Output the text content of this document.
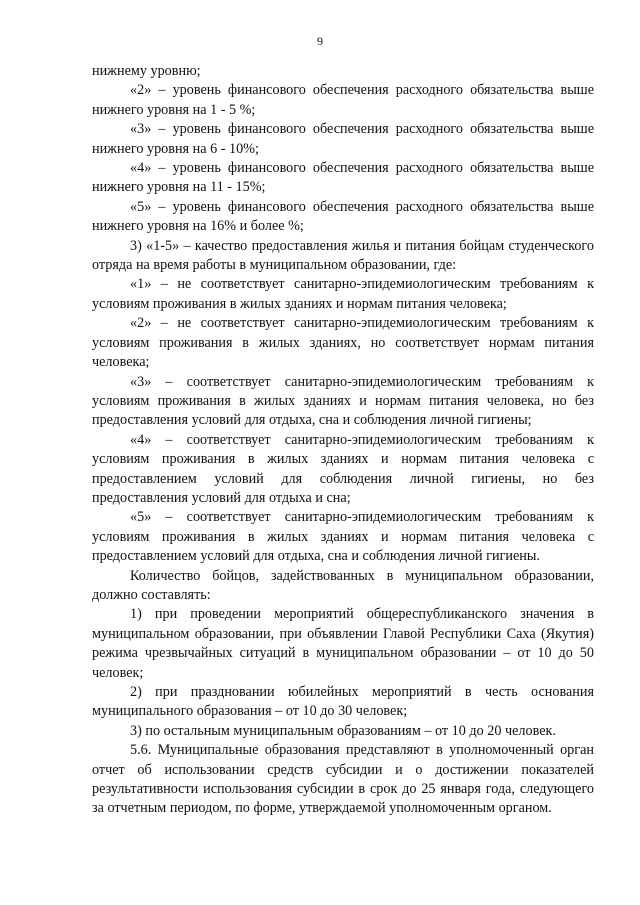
9

нижнему уровню;

«2» – уровень финансового обеспечения расходного обязательства выше нижнего уровня на 1 - 5 %;

«3» – уровень финансового обеспечения расходного обязательства выше нижнего уровня на 6 - 10%;

«4» – уровень финансового обеспечения расходного обязательства выше нижнего уровня на 11 - 15%;

«5» – уровень финансового обеспечения расходного обязательства выше нижнего уровня на 16% и более %;

3) «1-5» – качество предоставления жилья и питания бойцам студенческого отряда на время работы в муниципальном образовании, где:

«1» – не соответствует санитарно-эпидемиологическим требованиям к условиям проживания в жилых зданиях и нормам питания человека;

«2» – не соответствует санитарно-эпидемиологическим требованиям к условиям проживания в жилых зданиях, но соответствует нормам питания человека;

«3» – соответствует санитарно-эпидемиологическим требованиям к условиям проживания в жилых зданиях и нормам питания человека, но без предоставления условий для отдыха, сна и соблюдения личной гигиены;

«4» – соответствует санитарно-эпидемиологическим требованиям к условиям проживания в жилых зданиях и нормам питания человека с предоставлением условий для соблюдения личной гигиены, но без предоставления условий для отдыха и сна;

«5» – соответствует санитарно-эпидемиологическим требованиям к условиям проживания в жилых зданиях и нормам питания человека с предоставлением условий для отдыха, сна и соблюдения личной гигиены.

Количество бойцов, задействованных в муниципальном образовании, должно составлять:

1) при проведении мероприятий общереспубликанского значения в муниципальном образовании, при объявлении Главой Республики Саха (Якутия) режима чрезвычайных ситуаций в муниципальном образовании – от 10 до 50 человек;

2) при праздновании юбилейных мероприятий в честь основания муниципального образования – от 10 до 30 человек;

3) по остальным муниципальным образованиям – от 10 до 20 человек.

5.6. Муниципальные образования представляют в уполномоченный орган отчет об использовании средств субсидии и о достижении показателей результативности использования субсидии в срок до 25 января года, следующего за отчетным периодом, по форме, утверждаемой уполномоченным органом.
